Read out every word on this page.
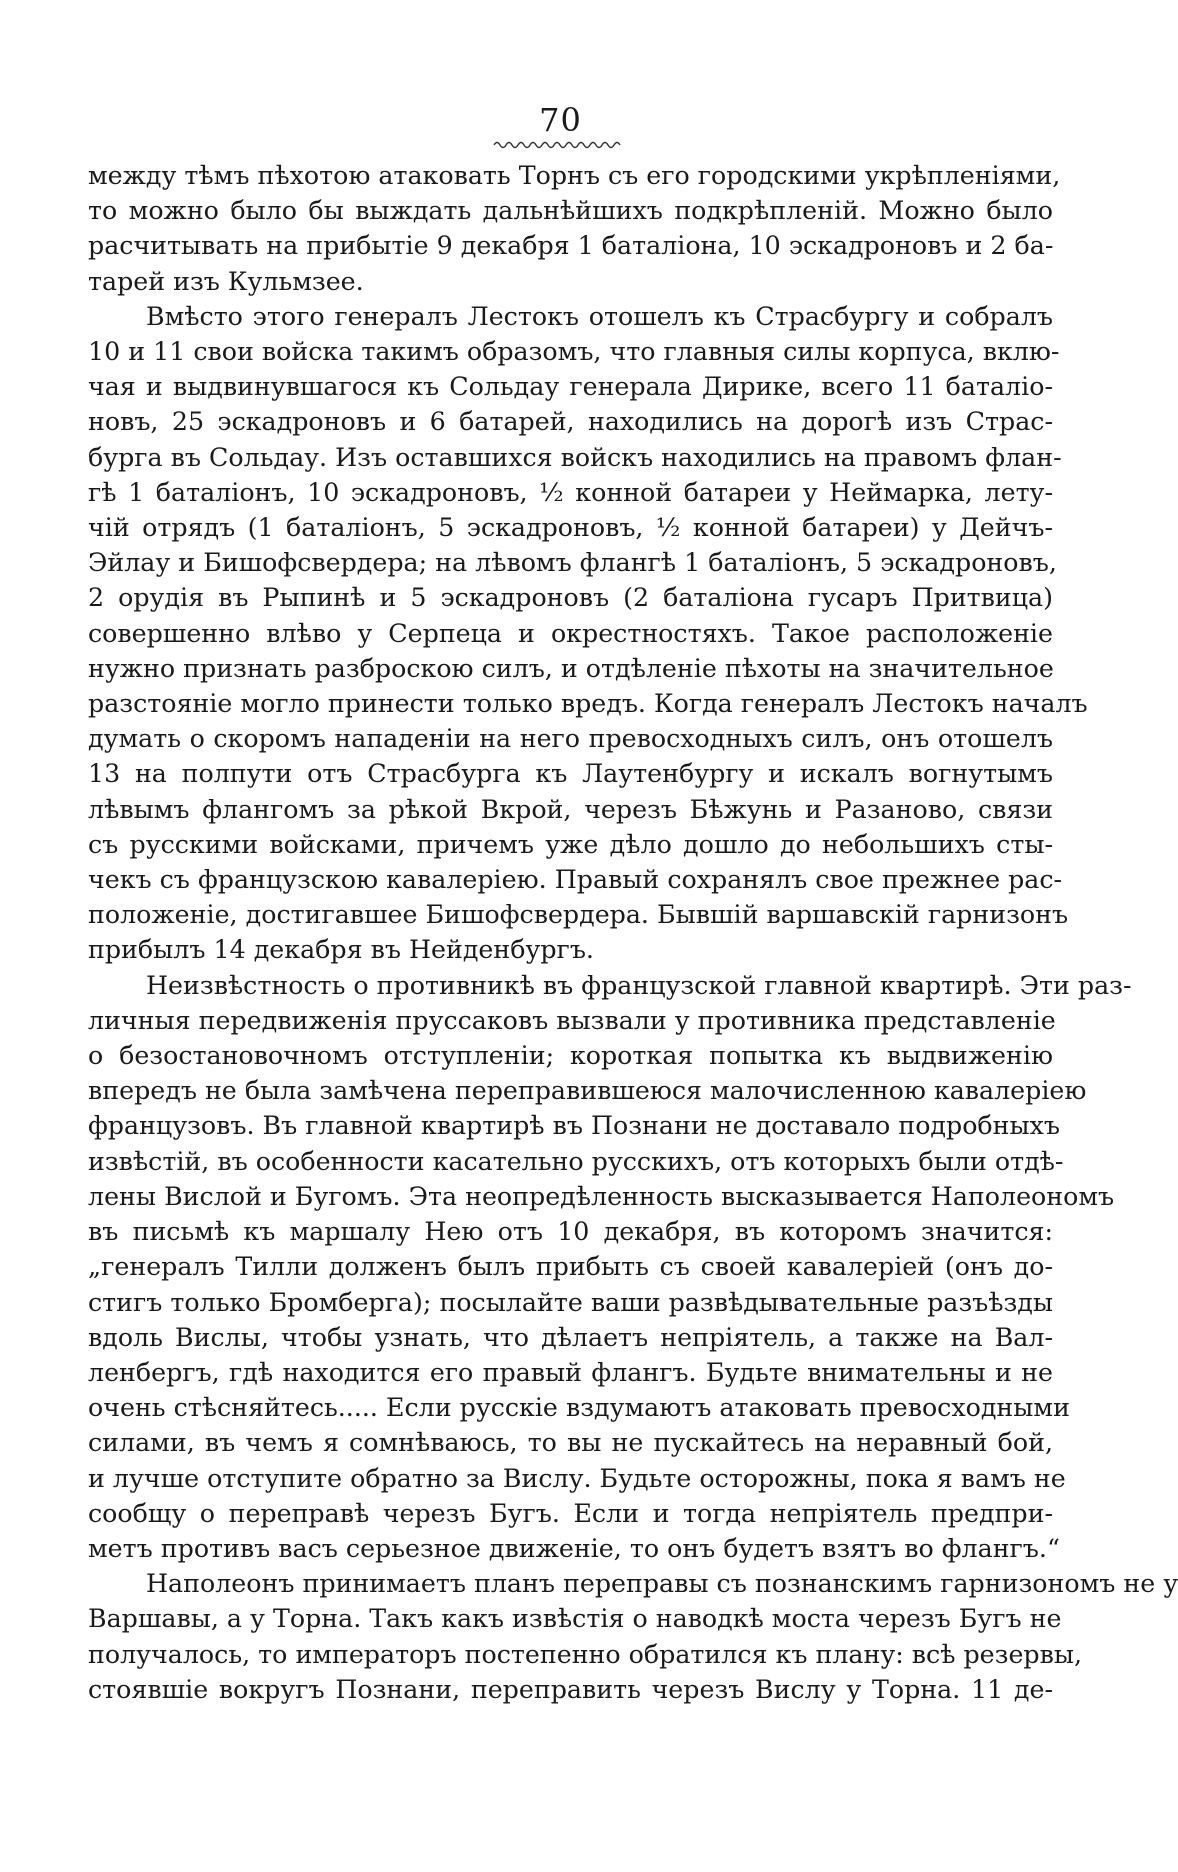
70
между тѣмъ пѣхотою атаковать Торнъ съ его городскими укрѣпленіями,
то можно было бы выждать дальнѣйшихъ подкрѣпленій. Можно было
расчитывать на прибытіе 9 декабря 1 баталіона, 10 эскадроновъ и 2 ба-
тарей изъ Кульмзее.
Вмѣсто этого генералъ Лестокъ отошелъ къ Страсбургу и собралъ
10 и 11 свои войска такимъ образомъ, что главныя силы корпуса, вклю-
чая и выдвинувшагося къ Сольдау генерала Дирике, всего 11 баталіо-
новъ, 25 эскадроновъ и 6 батарей, находились на дорогѣ изъ Страс-
бурга въ Сольдау. Изъ оставшихся войскъ находились на правомъ флан-
гѣ 1 баталіонъ, 10 эскадроновъ, ½ конной батареи у Неймарка, лету-
чій отрядъ (1 баталіонъ, 5 эскадроновъ, ½ конной батареи) у Дейчъ-
Эйлау и Бишофсвердера; на лѣвомъ флангѣ 1 баталіонъ, 5 эскадроновъ,
2 орудія въ Рыпинѣ и 5 эскадроновъ (2 баталіона гусаръ Притвица)
совершенно влѣво у Серпеца и окрестностяхъ. Такое расположеніе
нужно признать разброскою силъ, и отдѣленіе пѣхоты на значительное
разстояніе могло принести только вредъ. Когда генералъ Лестокъ началъ
думать о скоромъ нападеніи на него превосходныхъ силъ, онъ отошелъ
13 на полпути отъ Страсбурга къ Лаутенбургу и искалъ вогнутымъ
лѣвымъ флангомъ за рѣкой Вкрой, черезъ Бѣжунь и Разаново, связи
съ русскими войсками, причемъ уже дѣло дошло до небольшихъ сты-
чекъ съ французскою кавалеріею. Правый сохранялъ свое прежнее рас-
положеніе, достигавшее Бишофсвердера. Бывшій варшавскій гарнизонъ
прибылъ 14 декабря въ Нейденбургъ.
Неизвѣстность о противникѣ въ французской главной квартирѣ. Эти раз-
личныя передвиженія пруссаковъ вызвали у противника представленіе
о безостановочномъ отступленіи; короткая попытка къ выдвиженію
впередъ не была замѣчена переправившеюся малочисленною кавалеріею
французовъ. Въ главной квартирѣ въ Познани не доставало подробныхъ
извѣстій, въ особенности касательно русскихъ, отъ которыхъ были отдѣ-
лены Вислой и Бугомъ. Эта неопредѣленность высказывается Наполеономъ
въ письмѣ къ маршалу Нею отъ 10 декабря, въ которомъ значится:
„генералъ Тилли долженъ былъ прибыть съ своей кавалеріей (онъ до-
стигъ только Бромберга); посылайте ваши развѣдывательные разъѣзды
вдоль Вислы, чтобы узнать, что дѣлаетъ непріятель, а также на Вал-
ленбергъ, гдѣ находится его правый флангъ. Будьте внимательны и не
очень стѣсняйтесь..... Если русскіе вздумаютъ атаковать превосходными
силами, въ чемъ я сомнѣваюсь, то вы не пускайтесь на неравный бой,
и лучше отступите обратно за Вислу. Будьте осторожны, пока я вамъ не
сообщу о переправѣ черезъ Бугъ. Если и тогда непріятель предпри-
метъ противъ васъ серьезное движеніе, то онъ будетъ взятъ во флангъ.“
Наполеонъ принимаетъ планъ переправы съ познанскимъ гарнизономъ не у
Варшавы, а у Торна. Такъ какъ извѣстія о наводкѣ моста черезъ Бугъ не
получалось, то императоръ постепенно обратился къ плану: всѣ резервы,
стоявшіе вокругъ Познани, переправить черезъ Вислу у Торна. 11 де-
